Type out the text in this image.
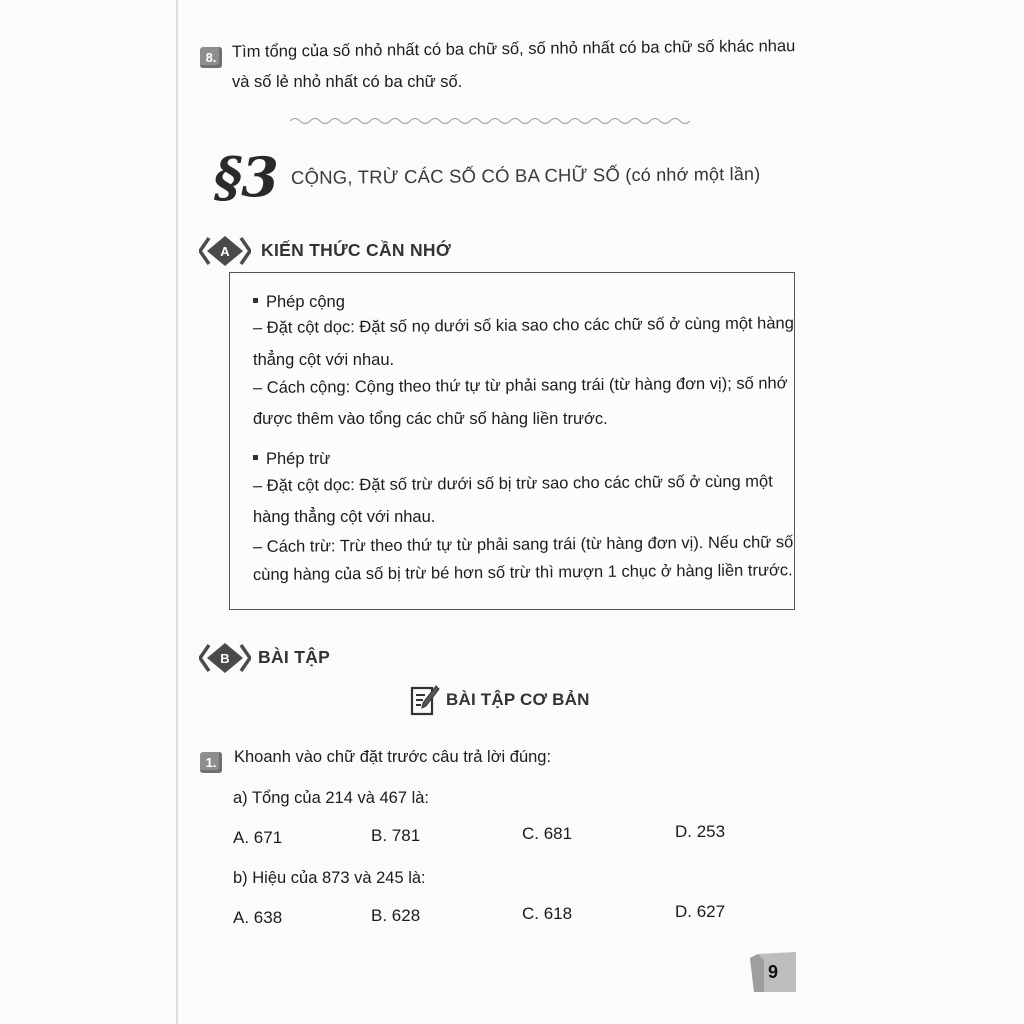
8. Tìm tổng của số nhỏ nhất có ba chữ số, số nhỏ nhất có ba chữ số khác nhau
và số lẻ nhỏ nhất có ba chữ số.
§3 CỘNG, TRỪ CÁC SỐ CÓ BA CHỮ SỐ (có nhớ một lần)
A KIẾN THỨC CẦN NHỚ
Phép cộng
– Đặt cột dọc: Đặt số nọ dưới số kia sao cho các chữ số ở cùng một hàng
thẳng cột với nhau.
– Cách cộng: Cộng theo thứ tự từ phải sang trái (từ hàng đơn vị); số nhớ
được thêm vào tổng các chữ số hàng liền trước.
Phép trừ
– Đặt cột dọc: Đặt số trừ dưới số bị trừ sao cho các chữ số ở cùng một
hàng thẳng cột với nhau.
– Cách trừ: Trừ theo thứ tự từ phải sang trái (từ hàng đơn vị). Nếu chữ số
cùng hàng của số bị trừ bé hơn số trừ thì mượn 1 chục ở hàng liền trước.
B BÀI TẬP
BÀI TẬP CƠ BẢN
1.	Khoanh vào chữ đặt trước câu trả lời đúng:
a) Tổng của 214 và 467 là:
A. 671	B. 781	C. 681	D. 253
b) Hiệu của 873 và 245 là:
A. 638	B. 628	C. 618	D. 627
9
